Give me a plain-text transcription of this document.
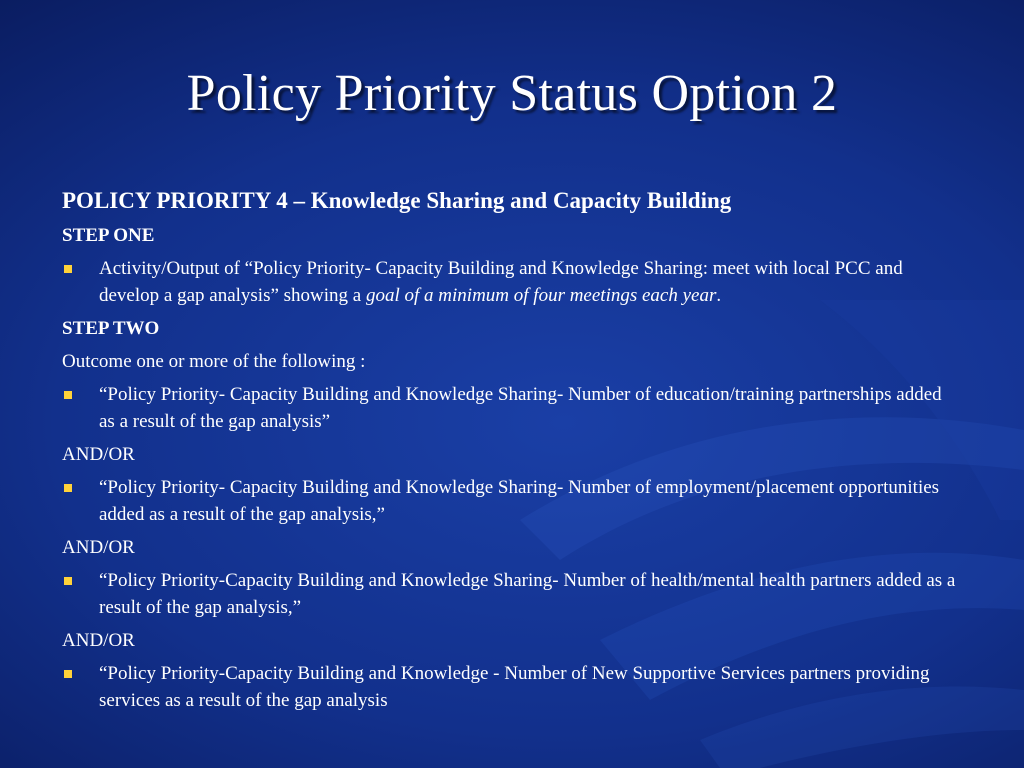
Policy Priority Status Option 2
POLICY PRIORITY 4 – Knowledge Sharing and Capacity Building
STEP ONE
Activity/Output of “Policy Priority- Capacity Building and Knowledge Sharing: meet with local PCC and develop a gap analysis” showing a goal of a minimum of four meetings each year.
STEP TWO
Outcome one or more of the following :
“Policy Priority- Capacity Building and Knowledge Sharing- Number of education/training partnerships added as a result of the gap analysis”
AND/OR
“Policy Priority- Capacity Building and Knowledge Sharing- Number of employment/placement opportunities added as a result of the gap analysis,”
AND/OR
“Policy Priority-Capacity Building and Knowledge Sharing- Number of health/mental health partners added as a result of the gap analysis,”
AND/OR
“Policy Priority-Capacity Building and Knowledge - Number of New Supportive Services partners providing services as a result of the gap analysis
